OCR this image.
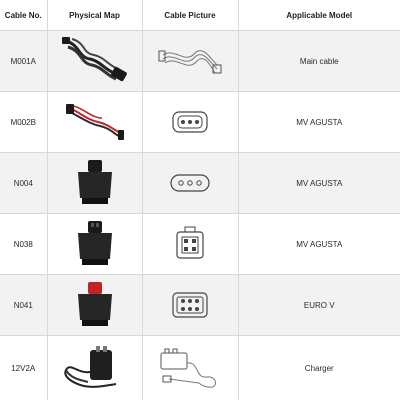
Cable No.	Physical Map	Cable Picture	Applicable Model
M001A			Main cable
M002B			MV AGUSTA
N004			MV AGUSTA
N038			MV AGUSTA
N041			EURO V
12V2A			Charger
